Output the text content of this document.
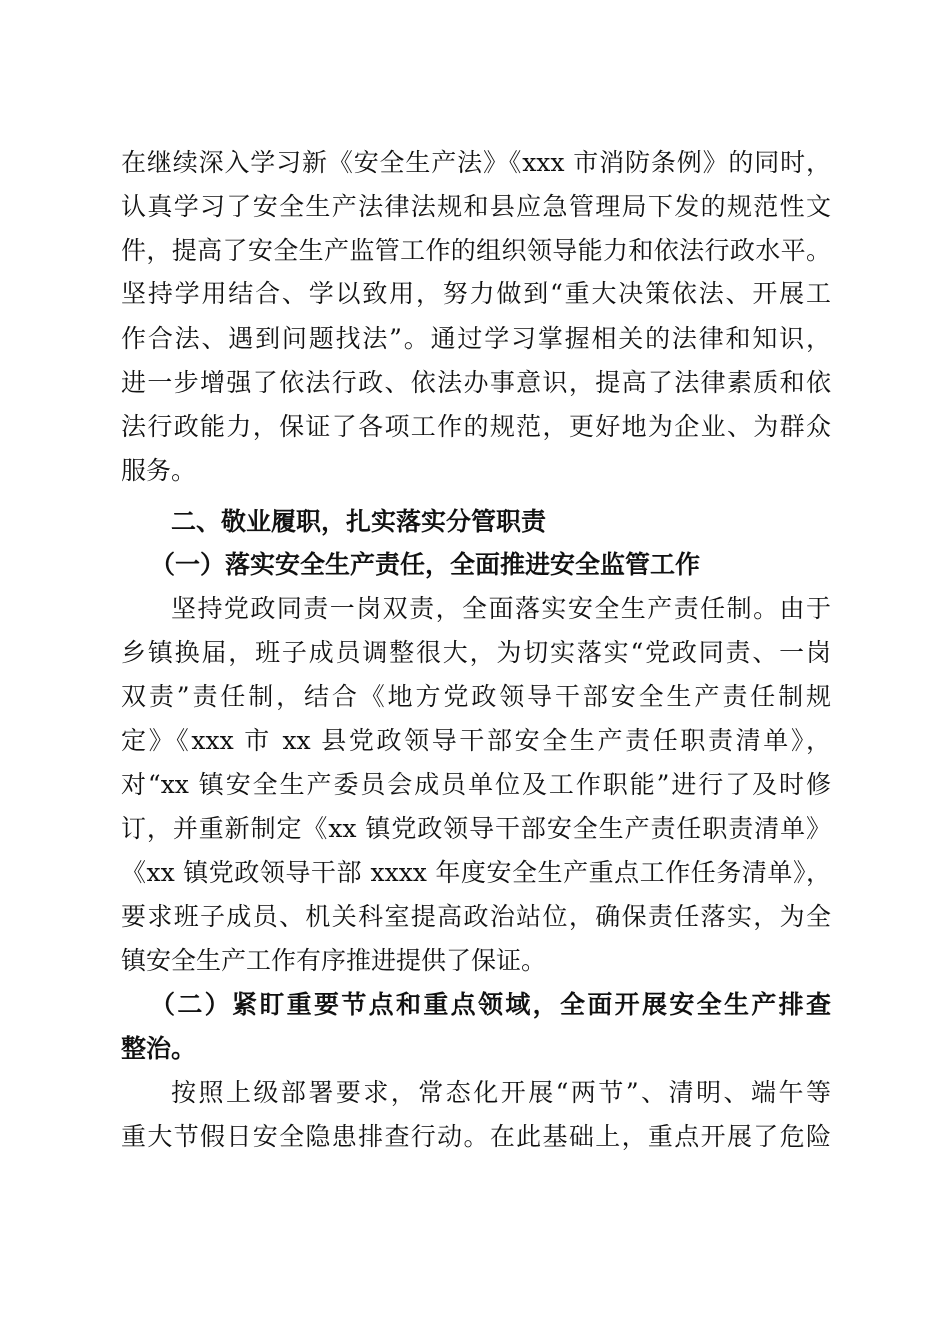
在继续深入学习新《安全生产法》《xxx 市消防条例》的同时，
认真学习了安全生产法律法规和县应急管理局下发的规范性文
件，提高了安全生产监管工作的组织领导能力和依法行政水平。
坚持学用结合、学以致用，努力做到“重大决策依法、开展工
作合法、遇到问题找法”。通过学习掌握相关的法律和知识，
进一步增强了依法行政、依法办事意识，提高了法律素质和依
法行政能力，保证了各项工作的规范，更好地为企业、为群众
服务。
二、敬业履职，扎实落实分管职责
（一）落实安全生产责任，全面推进安全监管工作
坚持党政同责一岗双责，全面落实安全生产责任制。由于
乡镇换届，班子成员调整很大，为切实落实“党政同责、一岗
双责”责任制，结合《地方党政领导干部安全生产责任制规
定》《xxx 市 xx 县党政领导干部安全生产责任职责清单》，
对“xx 镇安全生产委员会成员单位及工作职能”进行了及时修
订，并重新制定《xx 镇党政领导干部安全生产责任职责清单》
《xx 镇党政领导干部 xxxx 年度安全生产重点工作任务清单》，
要求班子成员、机关科室提高政治站位，确保责任落实，为全
镇安全生产工作有序推进提供了保证。
（二）紧盯重要节点和重点领域，全面开展安全生产排查
整治。
按照上级部署要求，常态化开展“两节”、清明、端午等
重大节假日安全隐患排查行动。在此基础上，重点开展了危险
